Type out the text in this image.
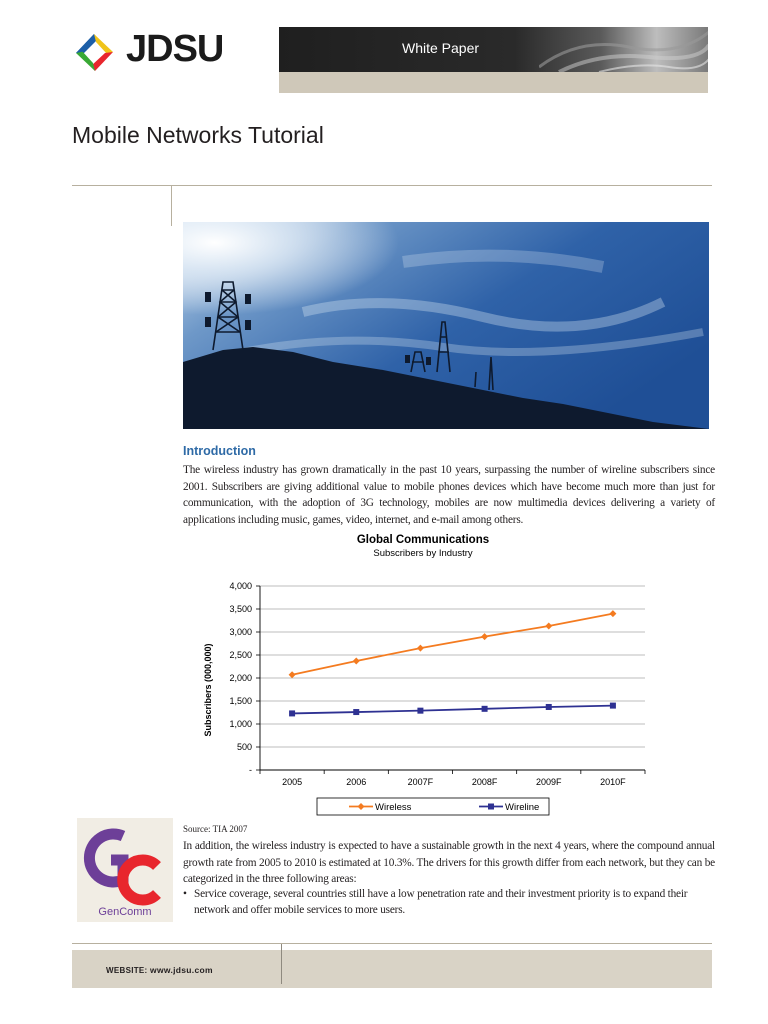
JDSU	White Paper
Mobile Networks Tutorial
Introduction
The wireless industry has grown dramatically in the past 10 years, surpassing the number of wireline subscribers since 2001. Subscribers are giving additional value to mobile phones devices which have become much more than just for communication, with the adoption of 3G technology, mobiles are now multimedia devices delivering a variety of applications including music, games, video, internet, and e-mail among others.
Global Communications
Subscribers by Industry
Subscribers (000,000)
-
500
1,000
1,500
2,000
2,500
3,000
3,500
4,000
2005	2006	2007F	2008F	2009F	2010F
Wireless	Wireline
Source: TIA 2007
GenComm
In addition, the wireless industry is expected to have a sustainable growth in the next 4 years, where the compound annual growth rate from 2005 to 2010 is estimated at 10.3%. The drivers for this growth differ from each network, but they can be categorized in the three following areas:
• Service coverage, several countries still have a low penetration rate and their investment priority is to expand their network and offer mobile services to more users.
WEBSITE: www.jdsu.com
